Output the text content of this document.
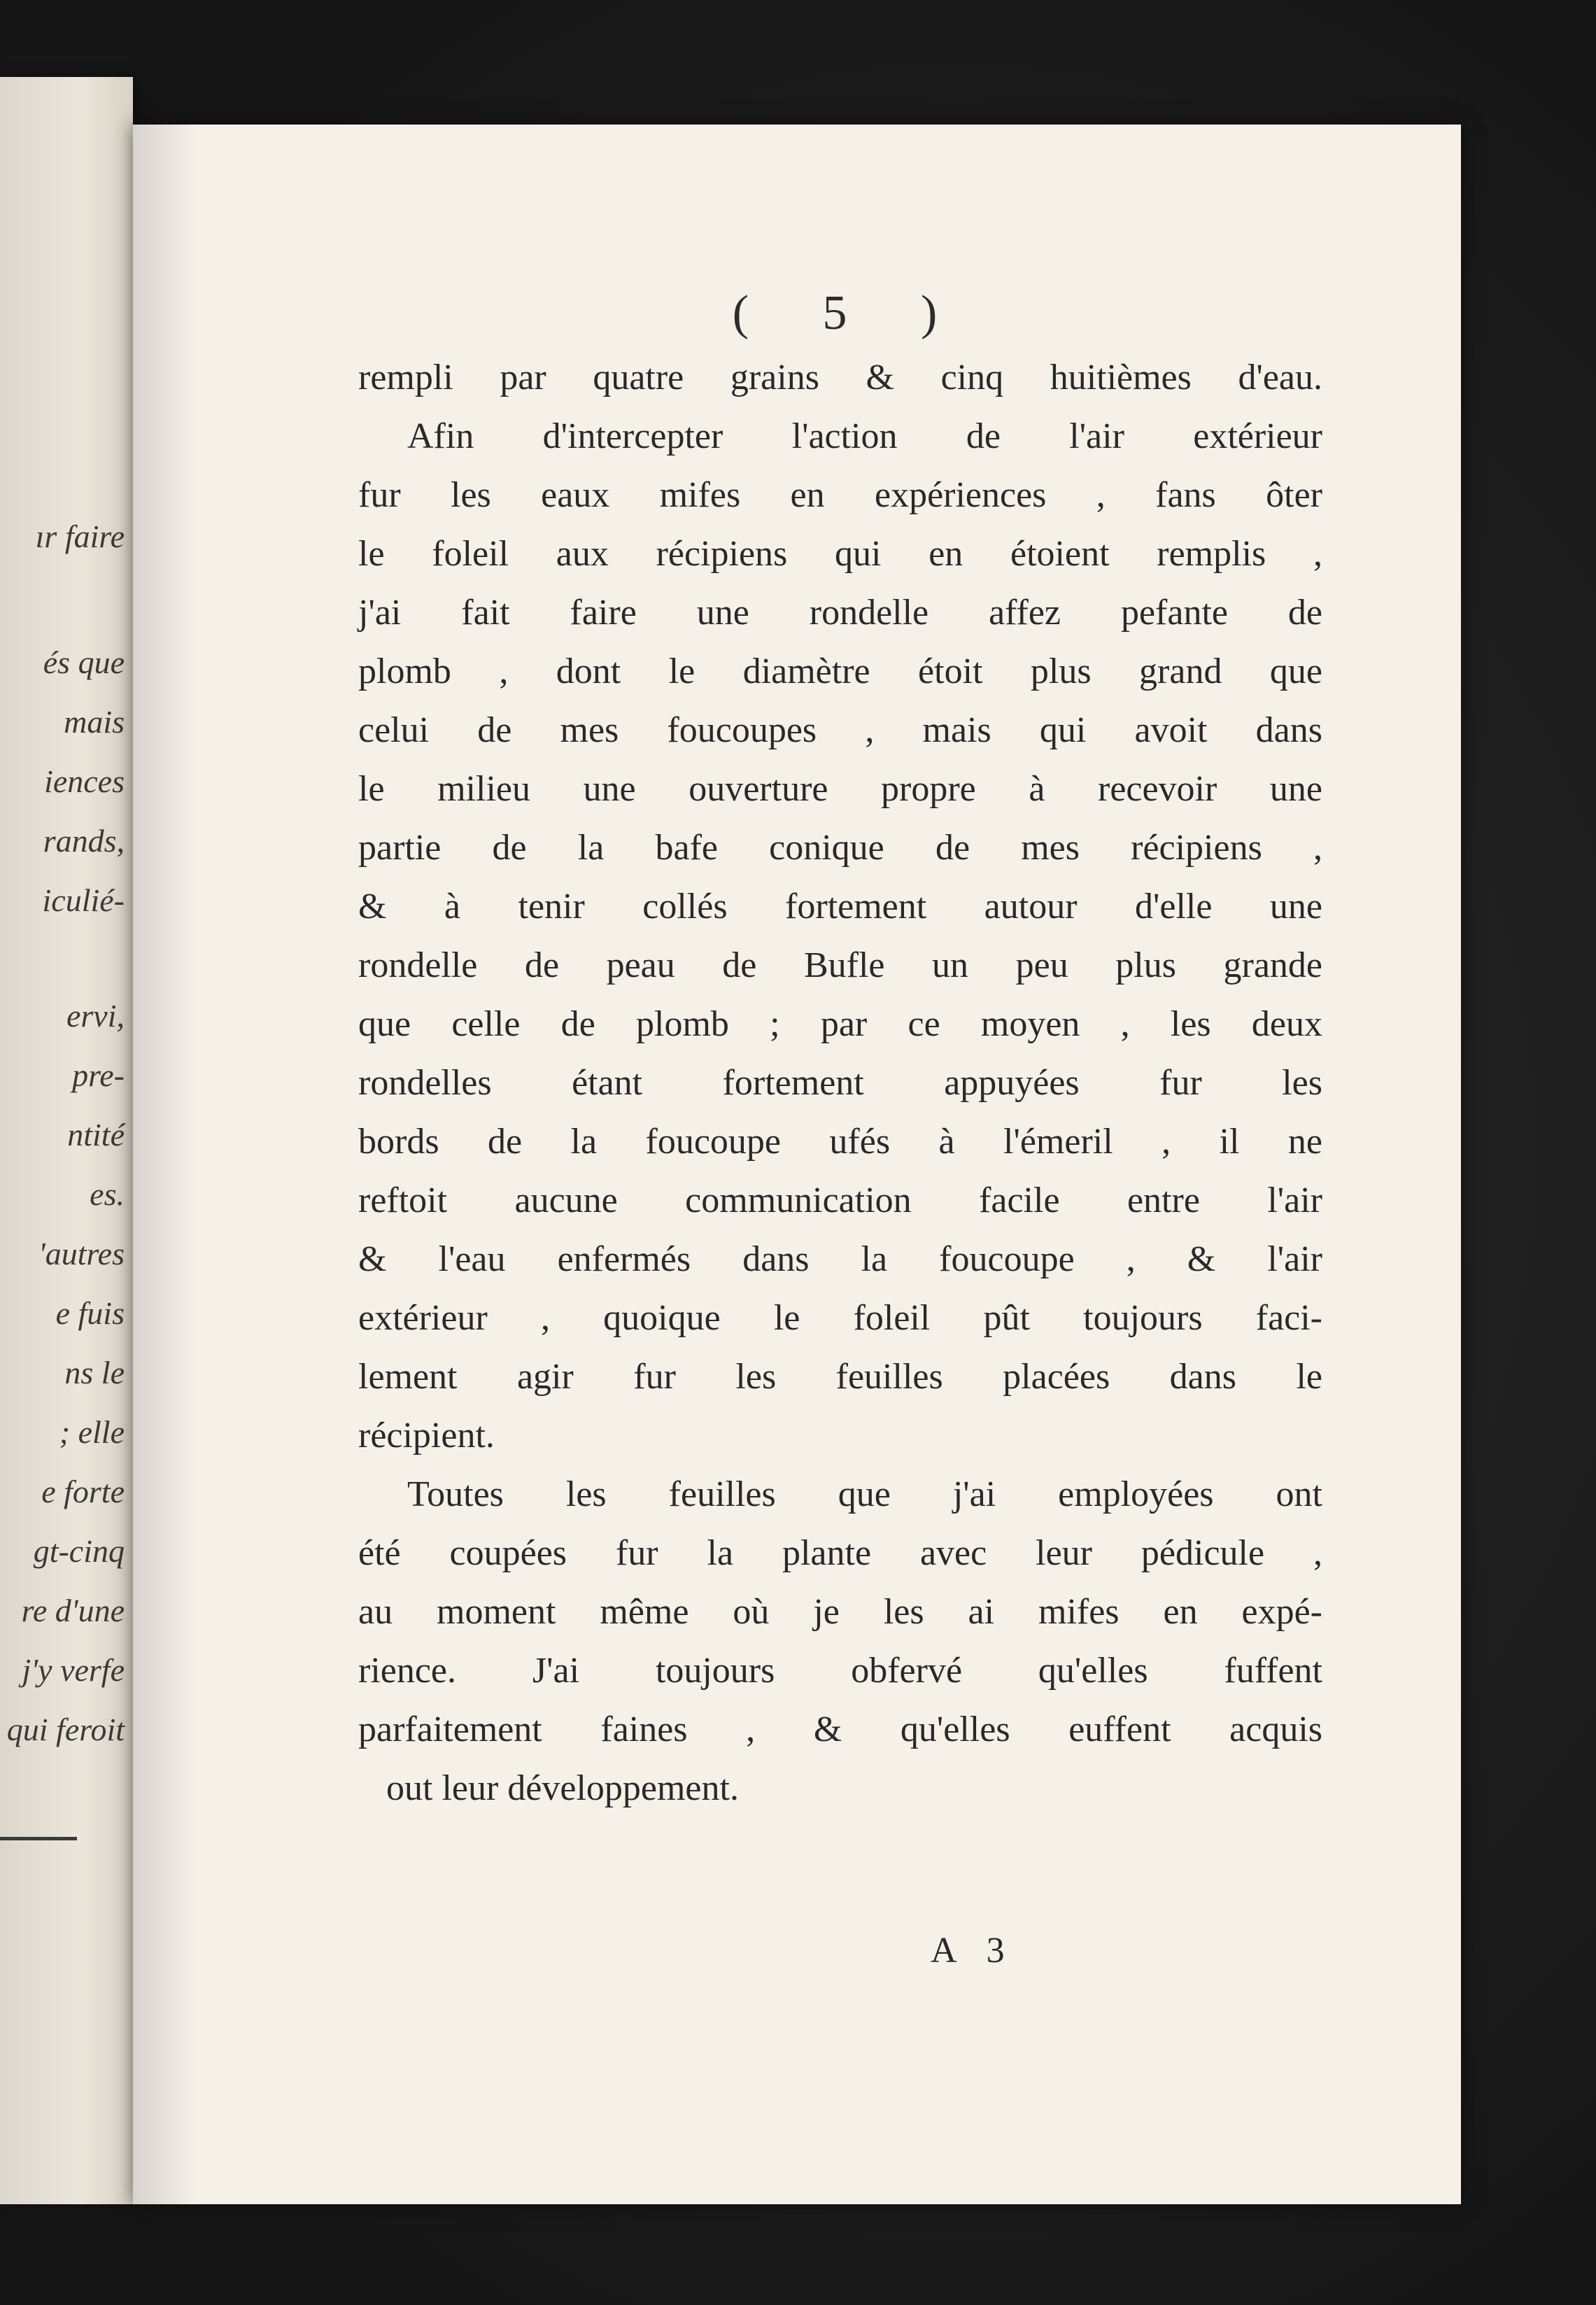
ır faire
és que
mais
iences
rands,
iculié-
ervi,
pre-
ntité
es.
'autres
e fuis
ns le
; elle
e forte
gt-cinq
re d'une
j'y verfe
qui feroit
( 5 )
rempli par quatre grains & cinq huitièmes d'eau.
Afin d'intercepter l'action de l'air extérieur
fur les eaux mifes en expériences , fans ôter
le foleil aux récipiens qui en étoient remplis ,
j'ai fait faire une rondelle affez pefante de
plomb , dont le diamètre étoit plus grand que
celui de mes foucoupes , mais qui avoit dans
le milieu une ouverture propre à recevoir une
partie de la bafe conique de mes récipiens ,
& à tenir collés fortement autour d'elle une
rondelle de peau de Bufle un peu plus grande
que celle de plomb ; par ce moyen , les deux
rondelles étant fortement appuyées fur les
bords de la foucoupe ufés à l'émeril , il ne
reftoit aucune communication facile entre l'air
& l'eau enfermés dans la foucoupe , & l'air
extérieur , quoique le foleil pût toujours faci-
lement agir fur les feuilles placées dans le
récipient.
Toutes les feuilles que j'ai employées ont
été coupées fur la plante avec leur pédicule ,
au moment même où je les ai mifes en expé-
rience. J'ai toujours obfervé qu'elles fuffent
parfaitement faines , & qu'elles euffent acquis
out leur développement.
A 3
